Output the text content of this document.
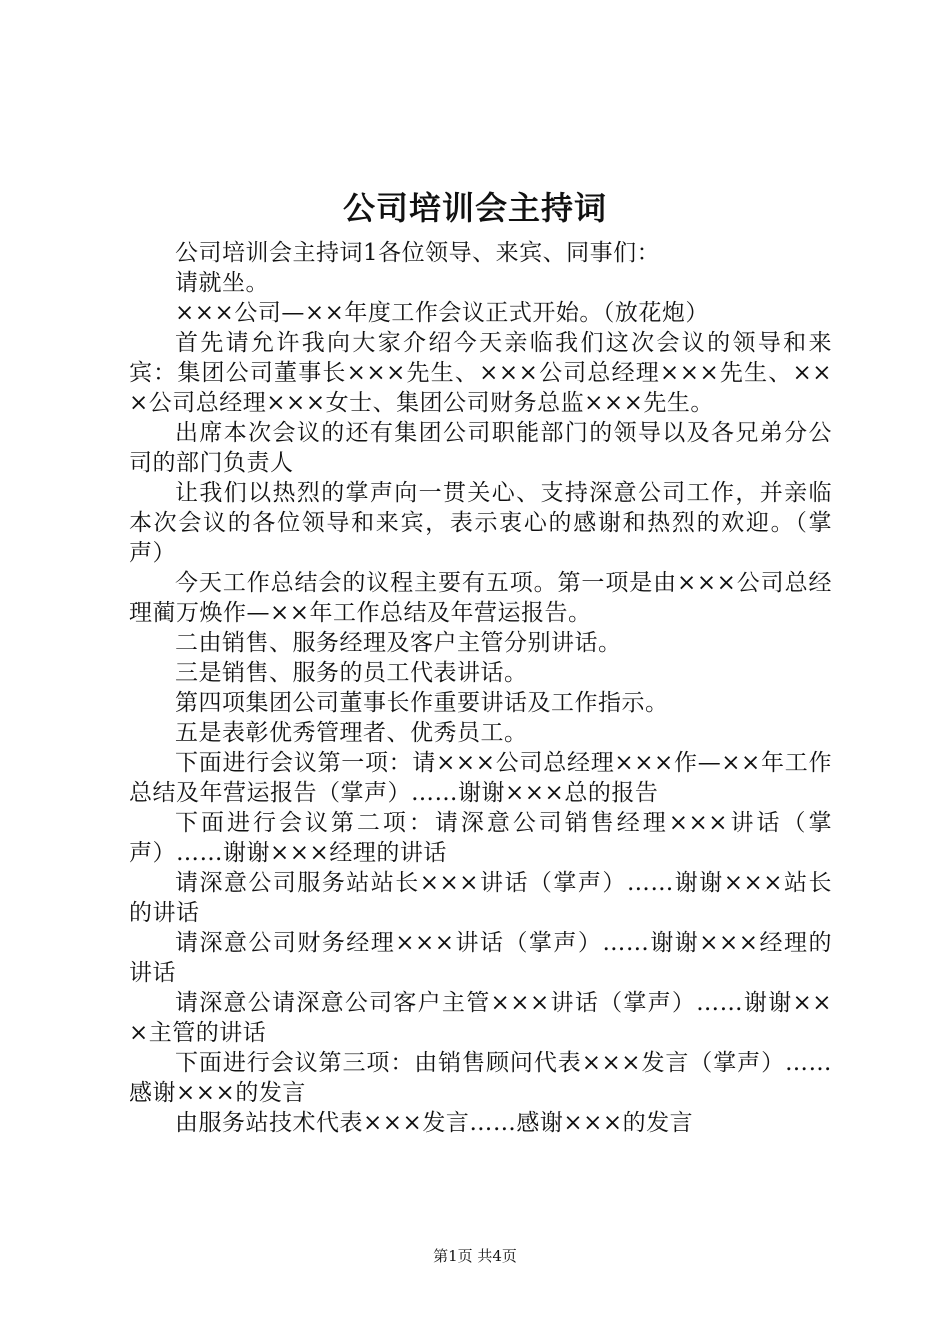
公司培训会主持词

公司培训会主持词1各位领导、来宾、同事们：

请就坐。

×××公司—××年度工作会议正式开始。（放花炮）

首先请允许我向大家介绍今天亲临我们这次会议的领导和来宾：集团公司董事长×××先生、×××公司总经理×××先生、×××公司总经理×××女士、集团公司财务总监×××先生。

出席本次会议的还有集团公司职能部门的领导以及各兄弟分公司的部门负责人

让我们以热烈的掌声向一贯关心、支持深意公司工作，并亲临本次会议的各位领导和来宾，表示衷心的感谢和热烈的欢迎。（掌声）

今天工作总结会的议程主要有五项。第一项是由×××公司总经理蔺万焕作—××年工作总结及年营运报告。

二由销售、服务经理及客户主管分别讲话。

三是销售、服务的员工代表讲话。

第四项集团公司董事长作重要讲话及工作指示。

五是表彰优秀管理者、优秀员工。

下面进行会议第一项：请×××公司总经理×××作—××年工作总结及年营运报告（掌声）……谢谢×××总的报告

下面进行会议第二项：请深意公司销售经理×××讲话（掌声）……谢谢×××经理的讲话

请深意公司服务站站长×××讲话（掌声）……谢谢×××站长的讲话

请深意公司财务经理×××讲话（掌声）……谢谢×××经理的讲话

请深意公请深意公司客户主管×××讲话（掌声）……谢谢×××主管的讲话

下面进行会议第三项：由销售顾问代表×××发言（掌声）……感谢×××的发言

由服务站技术代表×××发言……感谢×××的发言

第1页 共4页
